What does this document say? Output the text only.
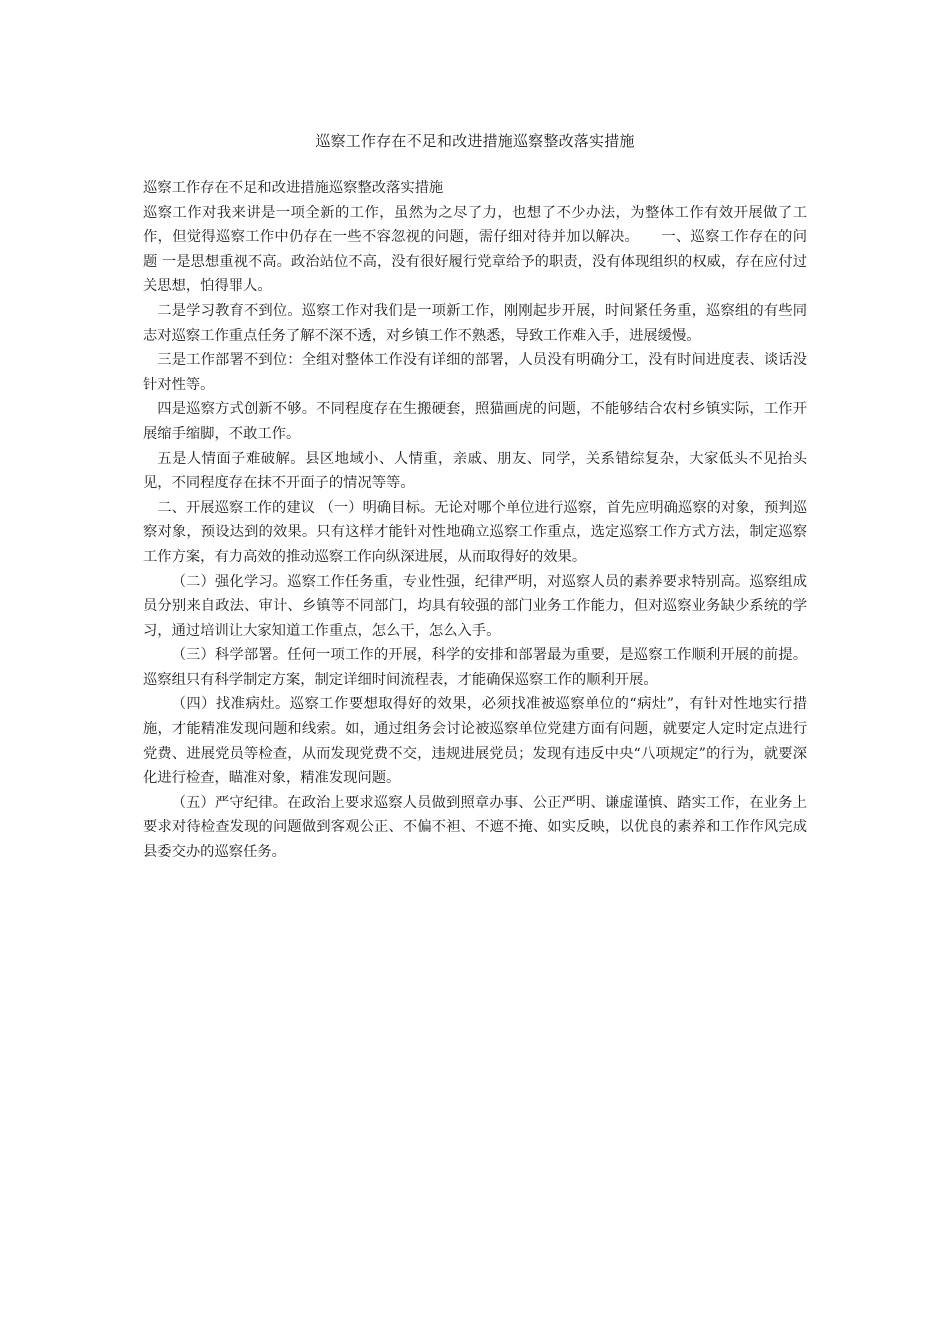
巡察工作存在不足和改进措施巡察整改落实措施

巡察工作存在不足和改进措施巡察整改落实措施

巡察工作对我来讲是一项全新的工作，虽然为之尽了力，也想了不少办法，为整体工作有效开展做了工作，但觉得巡察工作中仍存在一些不容忽视的问题，需仔细对待并加以解决。　　一、巡察工作存在的问题 一是思想重视不高。政治站位不高，没有很好履行党章给予的职责，没有体现组织的权威，存在应付过关思想，怕得罪人。

二是学习教育不到位。巡察工作对我们是一项新工作，刚刚起步开展，时间紧任务重，巡察组的有些同志对巡察工作重点任务了解不深不透，对乡镇工作不熟悉，导致工作难入手，进展缓慢。

三是工作部署不到位：全组对整体工作没有详细的部署，人员没有明确分工，没有时间进度表、谈话没针对性等。

四是巡察方式创新不够。不同程度存在生搬硬套，照猫画虎的问题，不能够结合农村乡镇实际，工作开展缩手缩脚，不敢工作。

五是人情面子难破解。县区地域小、人情重，亲戚、朋友、同学，关系错综复杂，大家低头不见抬头见，不同程度存在抹不开面子的情况等等。

二、开展巡察工作的建议 （一）明确目标。无论对哪个单位进行巡察，首先应明确巡察的对象，预判巡察对象，预设达到的效果。只有这样才能针对性地确立巡察工作重点，选定巡察工作方式方法，制定巡察工作方案，有力高效的推动巡察工作向纵深进展，从而取得好的效果。

（二）强化学习。巡察工作任务重，专业性强，纪律严明，对巡察人员的素养要求特别高。巡察组成员分别来自政法、审计、乡镇等不同部门，均具有较强的部门业务工作能力，但对巡察业务缺少系统的学习，通过培训让大家知道工作重点，怎么干，怎么入手。

（三）科学部署。任何一项工作的开展，科学的安排和部署最为重要，是巡察工作顺利开展的前提。巡察组只有科学制定方案，制定详细时间流程表，才能确保巡察工作的顺利开展。

（四）找准病灶。巡察工作要想取得好的效果，必须找准被巡察单位的“病灶”，有针对性地实行措施，才能精准发现问题和线索。如，通过组务会讨论被巡察单位党建方面有问题，就要定人定时定点进行党费、进展党员等检查，从而发现党费不交，违规进展党员；发现有违反中央“八项规定”的行为，就要深化进行检查，瞄准对象，精准发现问题。

（五）严守纪律。在政治上要求巡察人员做到照章办事、公正严明、谦虚谨慎、踏实工作，在业务上要求对待检查发现的问题做到客观公正、不偏不袒、不遮不掩、如实反映，以优良的素养和工作作风完成县委交办的巡察任务。
